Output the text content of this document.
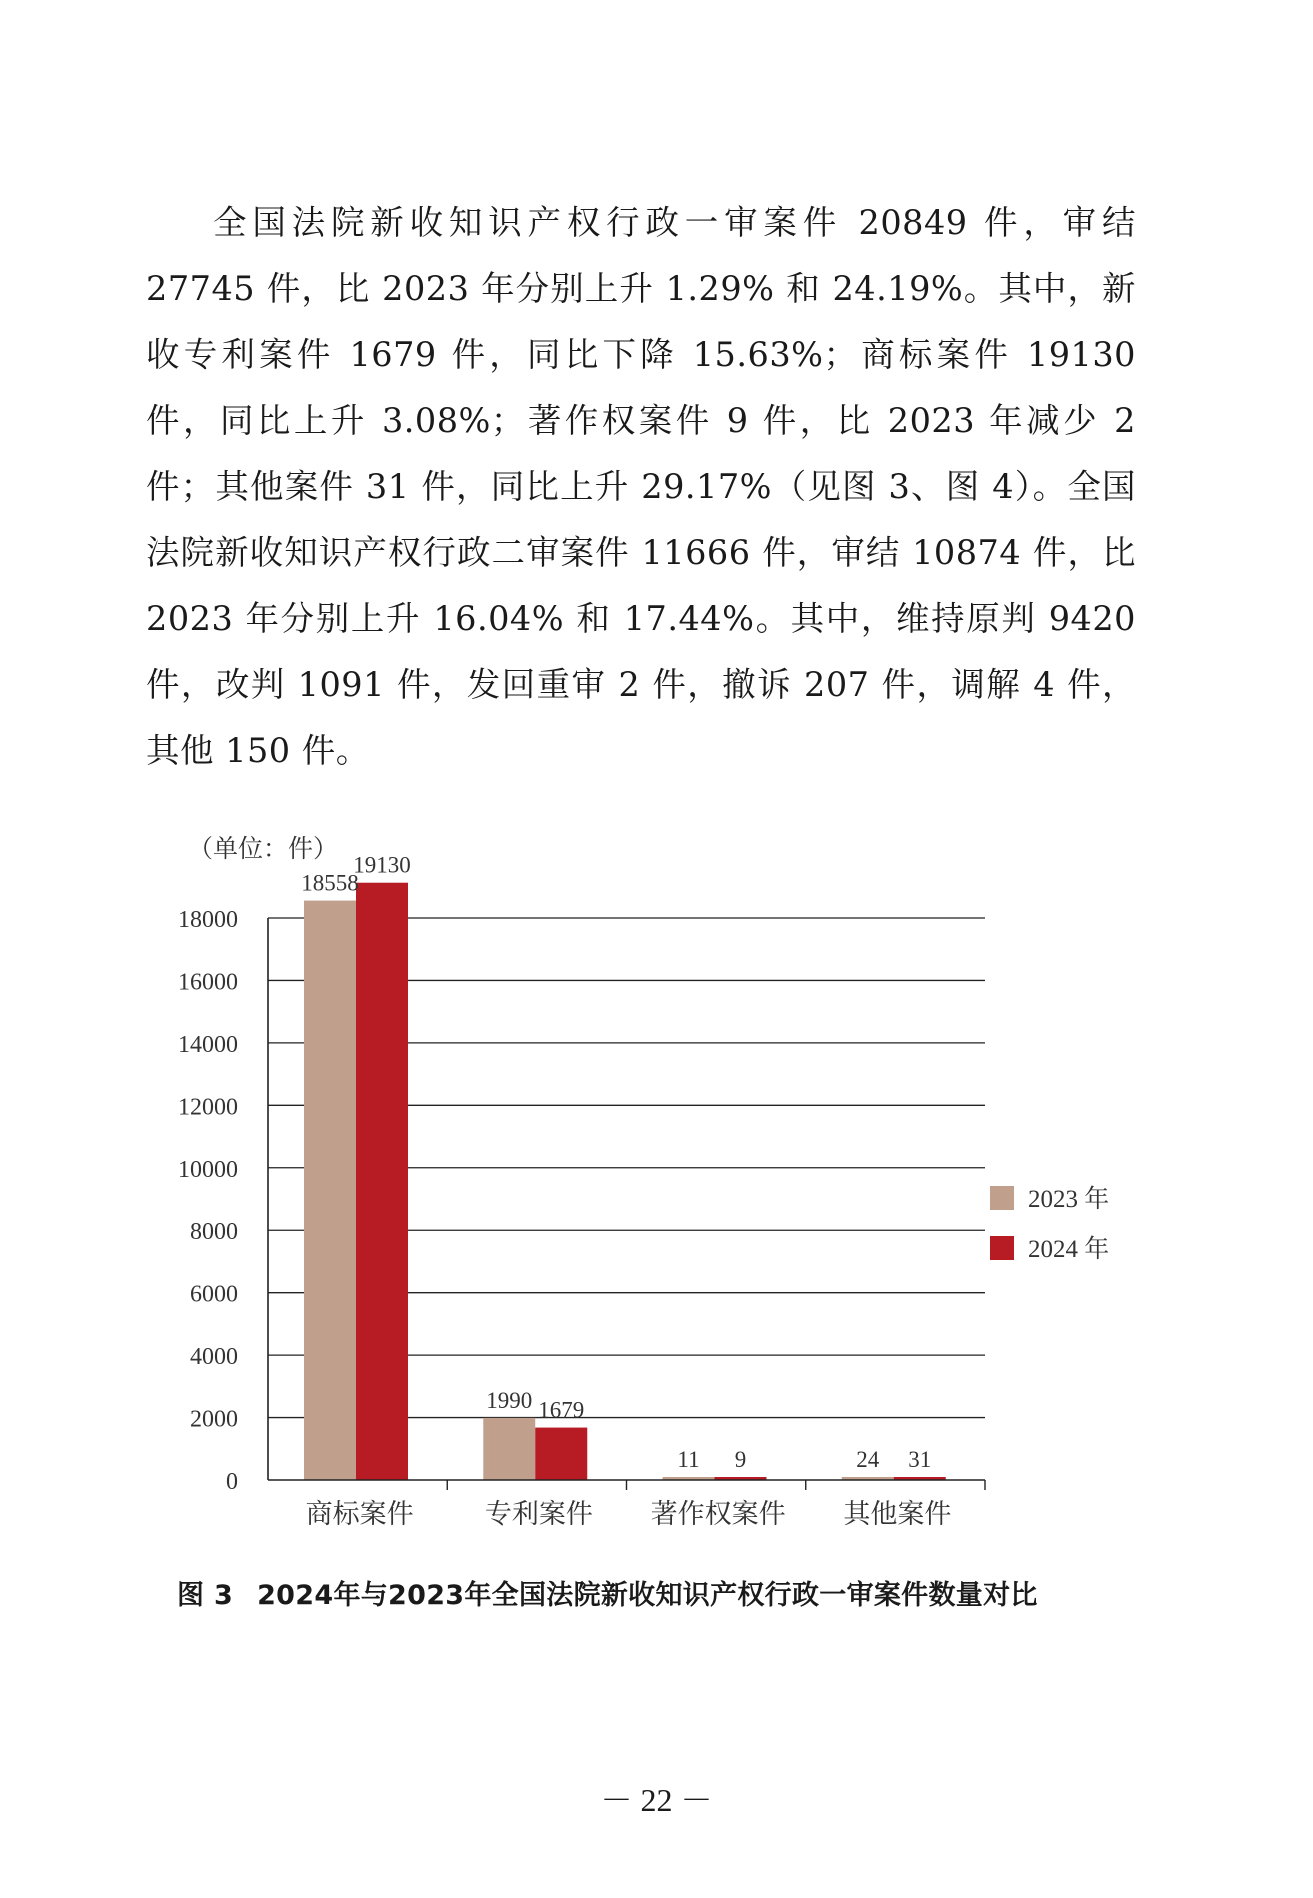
全国法院新收知识产权行政一审案件 20849 件，审结 27745 件，比 2023 年分别上升 1.29% 和 24.19%。其中，新收专利案件 1679 件，同比下降 15.63%；商标案件 19130 件，同比上升 3.08%；著作权案件 9 件，比 2023 年减少 2 件；其他案件 31 件，同比上升 29.17%（见图 3、图 4）。全国法院新收知识产权行政二审案件 11666 件，审结 10874 件，比 2023 年分别上升 16.04% 和 17.44%。其中，维持原判 9420 件，改判 1091 件，发回重审 2 件，撤诉 207 件，调解 4 件，其他 150 件。

（单位：件）
0
2000
4000
6000
8000
10000
12000
14000
16000
18000
18558
1990
11	24
19130
1679
9	31
商标案件	专利案件 著作权案件 其他案件
2023 年
2024 年
图 3 2024年与2023年全国法院新收知识产权行政一审案件数量对比
－ 22 －
